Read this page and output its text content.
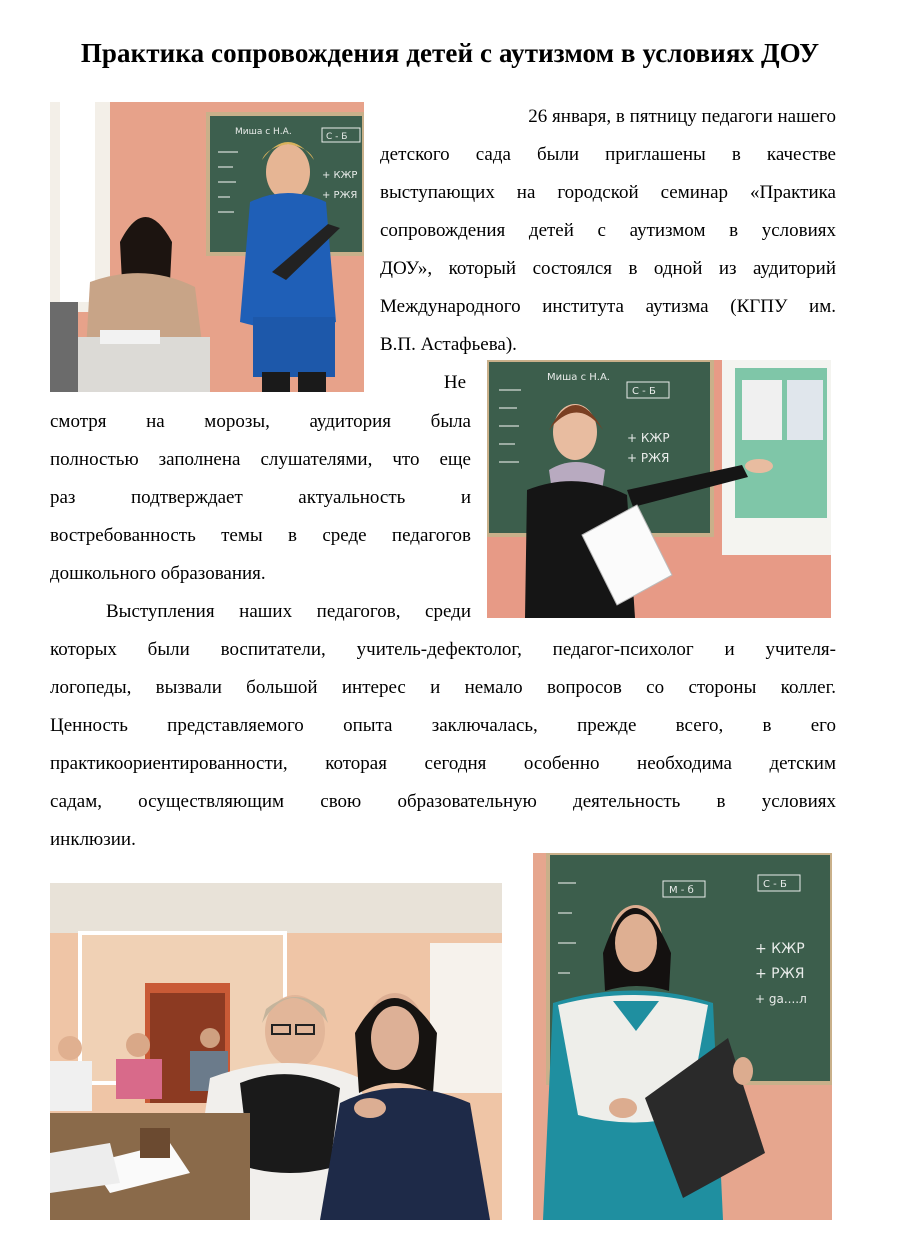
Практика сопровождения детей с аутизмом в условиях ДОУ
Миша с Н.А.	С - Б
+ КЖР
+ РЖЯ
Миша с Н.А.
С - Б
+ КЖР
+ РЖЯ
М - б
С - Б
+ КЖР
+ РЖЯ
+ ga....л
26 января, в пятницу педагоги нашего
детского сада были приглашены в качестве
выступающих на городской семинар «Практика
сопровождения детей с аутизмом в условиях
ДОУ», который состоялся в одной из аудиторий
Международного института аутизма (КГПУ им.
В.П. Астафьева).
Не
смотря на морозы, аудитория была
полностью заполнена слушателями, что еще
раз подтверждает актуальность и
востребованность темы в среде педагогов
дошкольного образования.
Выступления наших педагогов, среди
которых были воспитатели, учитель-дефектолог, педагог-психолог и учителя-
логопеды, вызвали большой интерес и немало вопросов со стороны коллег.
Ценность представляемого опыта заключалась, прежде всего, в его
практикоориентированности, которая сегодня особенно необходима детским
садам, осуществляющим свою образовательную деятельность в условиях
инклюзии.
